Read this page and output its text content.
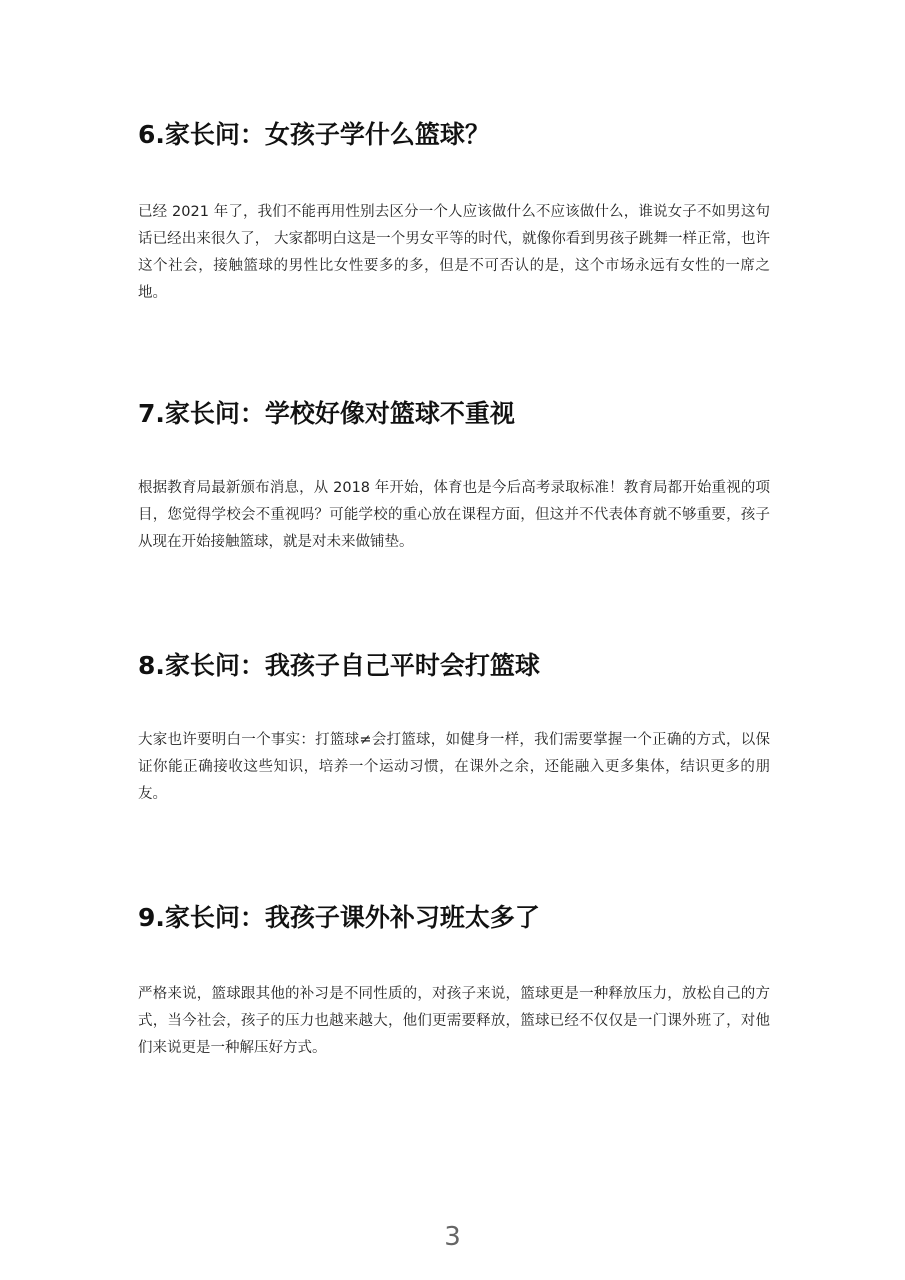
6.家长问：女孩子学什么篮球？

已经 2021 年了，我们不能再用性别去区分一个人应该做什么不应该做什么，谁说女子不如男这句话已经出来很久了， 大家都明白这是一个男女平等的时代，就像你看到男孩子跳舞一样正常，也许这个社会，接触篮球的男性比女性要多的多，但是不可否认的是，这个市场永远有女性的一席之地。

7.家长问：学校好像对篮球不重视

根据教育局最新颁布消息，从 2018 年开始，体育也是今后高考录取标准！教育局都开始重视的项目，您觉得学校会不重视吗？可能学校的重心放在课程方面，但这并不代表体育就不够重要，孩子从现在开始接触篮球，就是对未来做铺垫。

8.家长问：我孩子自己平时会打篮球

大家也许要明白一个事实：打篮球≠会打篮球，如健身一样，我们需要掌握一个正确的方式，以保证你能正确接收这些知识，培养一个运动习惯，在课外之余，还能融入更多集体，结识更多的朋友。

9.家长问：我孩子课外补习班太多了

严格来说，篮球跟其他的补习是不同性质的，对孩子来说，篮球更是一种释放压力，放松自己的方式，当今社会，孩子的压力也越来越大，他们更需要释放，篮球已经不仅仅是一门课外班了，对他们来说更是一种解压好方式。

3
